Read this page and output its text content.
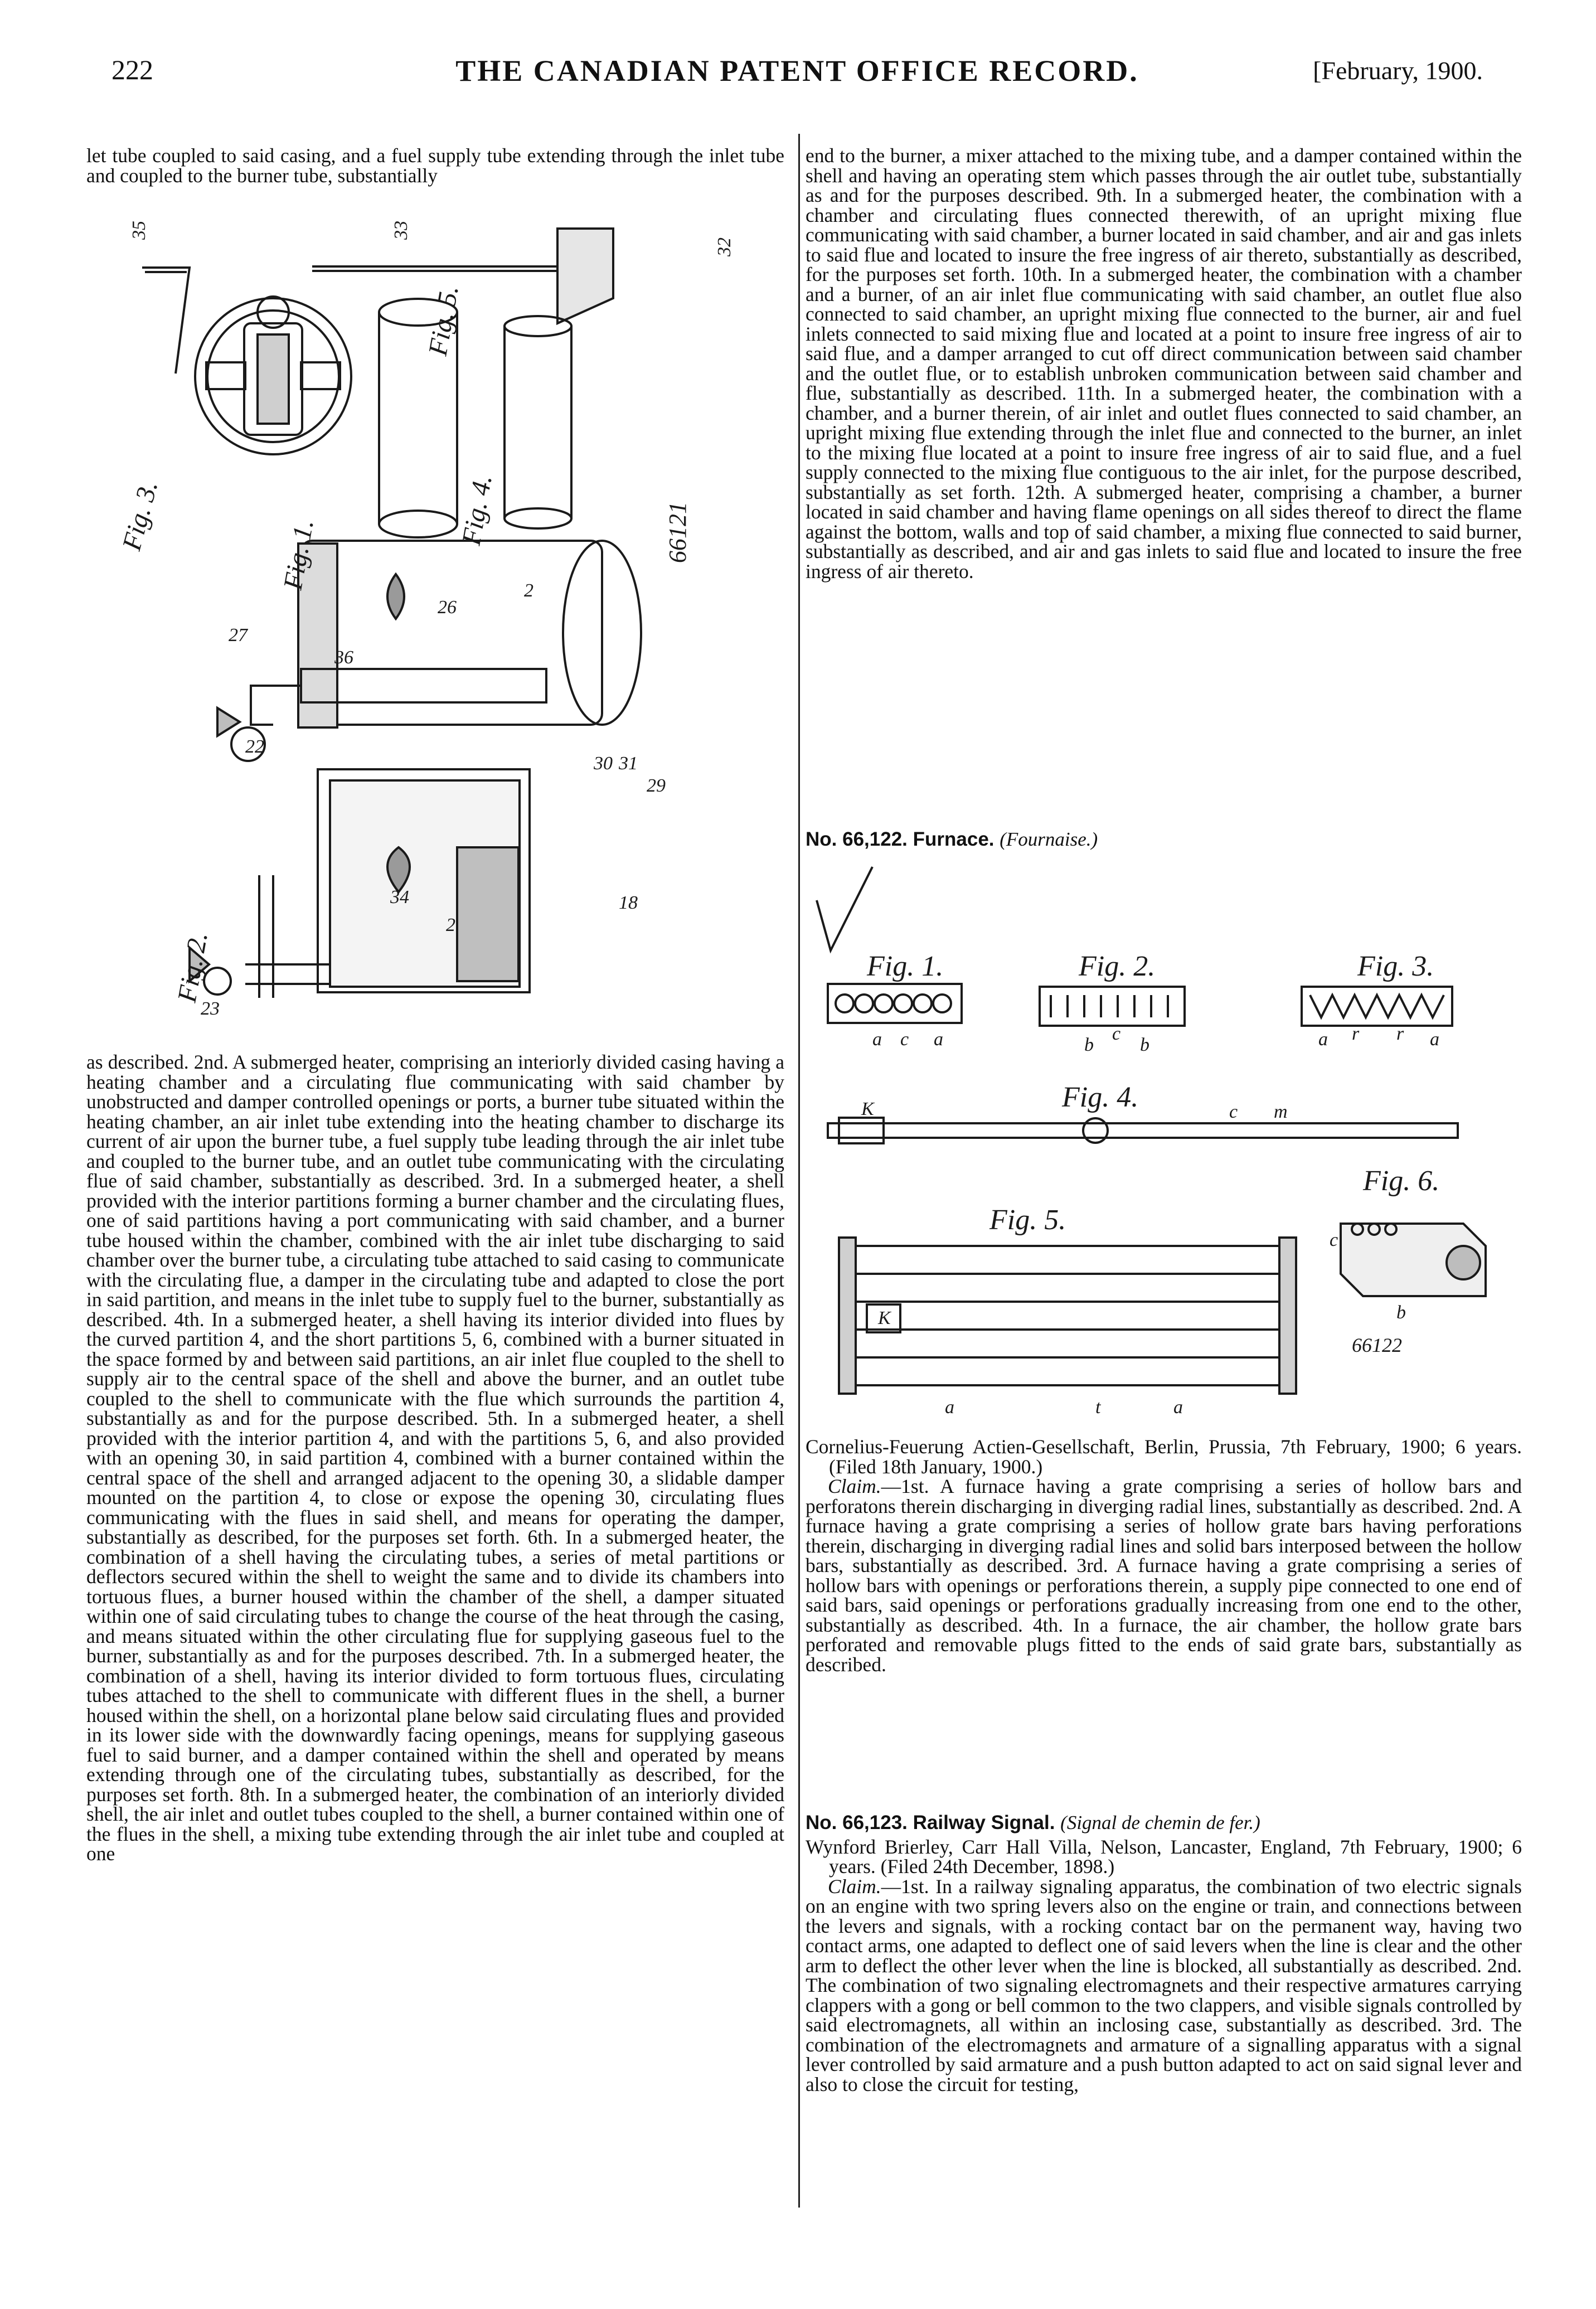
222	THE CANADIAN PATENT OFFICE RECORD.	[February, 1900.

let tube coupled to said casing, and a fuel supply tube extending through the inlet tube and coupled to the burner tube, substantially

35	33
32
Fig. 3.
Fig. 5.
Fig. 1.
Fig. 4.
Fig. 2.
66121
22
23
2
26
36
27
30 31
29
18
34
2

as described. 2nd. A submerged heater, comprising an interiorly divided casing having a heating chamber and a circulating flue communicating with said chamber by unobstructed and damper controlled openings or ports, a burner tube situated within the heating chamber, an air inlet tube extending into the heating chamber to discharge its current of air upon the burner tube, a fuel supply tube leading through the air inlet tube and coupled to the burner tube, and an outlet tube communicating with the circulating flue of said chamber, substantially as described. 3rd. In a submerged heater, a shell provided with the interior partitions forming a burner chamber and the circulating flues, one of said partitions having a port communicating with said chamber, and a burner tube housed within the chamber, combined with the air inlet tube discharging to said chamber over the burner tube, a circulating tube attached to said casing to communicate with the circulating flue, a damper in the circulating tube and adapted to close the port in said partition, and means in the inlet tube to supply fuel to the burner, substantially as described. 4th. In a submerged heater, a shell having its interior divided into flues by the curved partition 4, and the short partitions 5, 6, combined with a burner situated in the space formed by and between said partitions, an air inlet flue coupled to the shell to supply air to the central space of the shell and above the burner, and an outlet tube coupled to the shell to communicate with the flue which surrounds the partition 4, substantially as and for the purpose described. 5th. In a submerged heater, a shell provided with the interior partition 4, and with the partitions 5, 6, and also provided with an opening 30, in said partition 4, combined with a burner contained within the central space of the shell and arranged adjacent to the opening 30, a slidable damper mounted on the partition 4, to close or expose the opening 30, circulating flues communicating with the flues in said shell, and means for operating the damper, substantially as described, for the purposes set forth. 6th. In a submerged heater, the combination of a shell having the circulating tubes, a series of metal partitions or deflectors secured within the shell to weight the same and to divide its chambers into tortuous flues, a burner housed within the chamber of the shell, a damper situated within one of said circulating tubes to change the course of the heat through the casing, and means situated within the other circulating flue for supplying gaseous fuel to the burner, substantially as and for the purposes described. 7th. In a submerged heater, the combination of a shell, having its interior divided to form tortuous flues, circulating tubes attached to the shell to communicate with different flues in the shell, a burner housed within the shell, on a horizontal plane below said circulating flues and provided in its lower side with the downwardly facing openings, means for supplying gaseous fuel to said burner, and a damper contained within the shell and operated by means extending through one of the circulating tubes, substantially as described, for the purposes set forth. 8th. In a submerged heater, the combination of an interiorly divided shell, the air inlet and outlet tubes coupled to the shell, a burner contained within one of the flues in the shell, a mixing tube extending through the air inlet tube and coupled at one

end to the burner, a mixer attached to the mixing tube, and a damper contained within the shell and having an operating stem which passes through the air outlet tube, substantially as and for the purposes described. 9th. In a submerged heater, the combination with a chamber and circulating flues connected therewith, of an upright mixing flue communicating with said chamber, a burner located in said chamber, and air and gas inlets to said flue and located to insure the free ingress of air thereto, substantially as described, for the purposes set forth. 10th. In a submerged heater, the combination with a chamber and a burner, of an air inlet flue communicating with said chamber, an outlet flue also connected to said chamber, an upright mixing flue connected to the burner, air and fuel inlets connected to said mixing flue and located at a point to insure free ingress of air to said flue, and a damper arranged to cut off direct communication between said chamber and the outlet flue, or to establish unbroken communication between said chamber and flue, substantially as described. 11th. In a submerged heater, the combination with a chamber, and a burner therein, of air inlet and outlet flues connected to said chamber, an upright mixing flue extending through the inlet flue and connected to the burner, an inlet to the mixing flue located at a point to insure free ingress of air to said flue, and a fuel supply connected to the mixing flue contiguous to the air inlet, for the purpose described, substantially as set forth. 12th. A submerged heater, comprising a chamber, a burner located in said chamber and having flame openings on all sides thereof to direct the flame against the bottom, walls and top of said chamber, a mixing flue connected to said burner, substantially as described, and air and gas inlets to said flue and located to insure the free ingress of air thereto.

No. 66,122. Furnace. (Fournaise.)

Fig. 1.	Fig. 2.	Fig. 3.
Fig. 4.
Fig. 5.
Fig. 6.
a c a	b
c
b	a r r a
K	c m
K
a	t	a
b
c
66122

Cornelius-Feuerung Actien-Gesellschaft, Berlin, Prussia, 7th February, 1900; 6 years. (Filed 18th January, 1900.)

Claim.—1st. A furnace having a grate comprising a series of hollow bars and perforatons therein discharging in diverging radial lines, substantially as described. 2nd. A furnace having a grate comprising a series of hollow grate bars having perforations therein, discharging in diverging radial lines and solid bars interposed between the hollow bars, substantially as described. 3rd. A furnace having a grate comprising a series of hollow bars with openings or perforations therein, a supply pipe connected to one end of said bars, said openings or perforations gradually increasing from one end to the other, substantially as described. 4th. In a furnace, the air chamber, the hollow grate bars perforated and removable plugs fitted to the ends of said grate bars, substantially as described.

No. 66,123. Railway Signal. (Signal de chemin de fer.)

Wynford Brierley, Carr Hall Villa, Nelson, Lancaster, England, 7th February, 1900; 6 years. (Filed 24th December, 1898.)

Claim.—1st. In a railway signaling apparatus, the combination of two electric signals on an engine with two spring levers also on the engine or train, and connections between the levers and signals, with a rocking contact bar on the permanent way, having two contact arms, one adapted to deflect one of said levers when the line is clear and the other arm to deflect the other lever when the line is blocked, all substantially as described. 2nd. The combination of two signaling electromagnets and their respective armatures carrying clappers with a gong or bell common to the two clappers, and visible signals controlled by said electromagnets, all within an inclosing case, substantially as described. 3rd. The combination of the electromagnets and armature of a signalling apparatus with a signal lever controlled by said armature and a push button adapted to act on said signal lever and also to close the circuit for testing,
